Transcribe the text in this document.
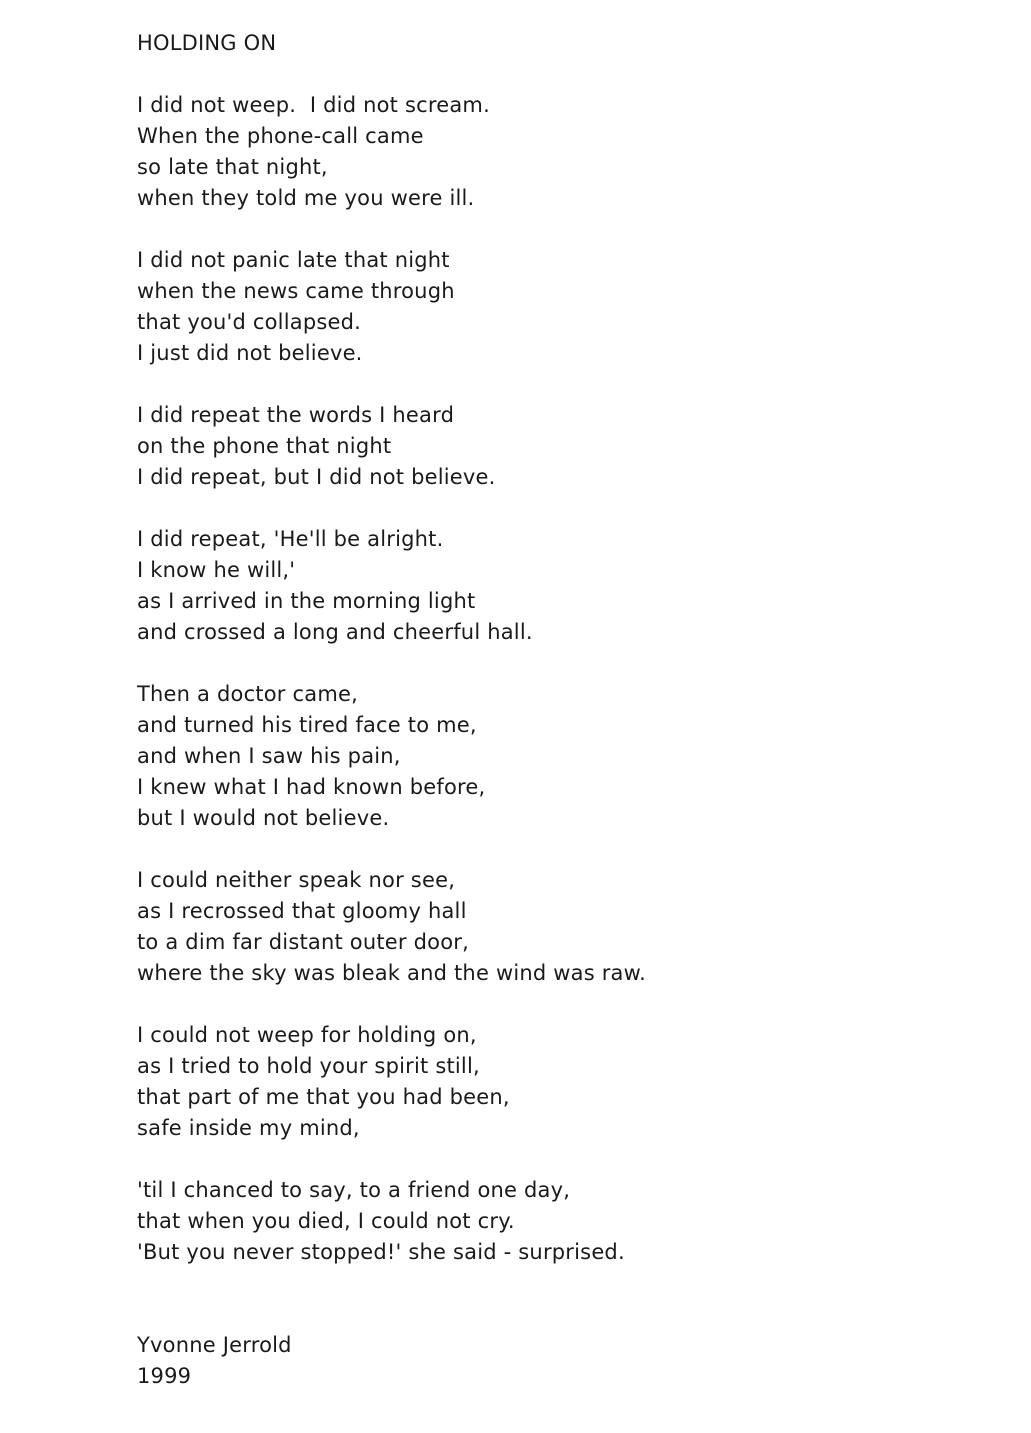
HOLDING ON
I did not weep.  I did not scream.
When the phone-call came
so late that night,
when they told me you were ill.
I did not panic late that night
when the news came through
that you'd collapsed.
I just did not believe.
I did repeat the words I heard
on the phone that night
I did repeat, but I did not believe.
I did repeat, 'He'll be alright.
I know he will,'
as I arrived in the morning light
and crossed a long and cheerful hall.
Then a doctor came,
and turned his tired face to me,
and when I saw his pain,
I knew what I had known before,
but I would not believe.
I could neither speak nor see,
as I recrossed that gloomy hall
to a dim far distant outer door,
where the sky was bleak and the wind was raw.
I could not weep for holding on,
as I tried to hold your spirit still,
that part of me that you had been,
safe inside my mind,
'til I chanced to say, to a friend one day,
that when you died, I could not cry.
'But you never stopped!' she said - surprised.
Yvonne Jerrold
1999
